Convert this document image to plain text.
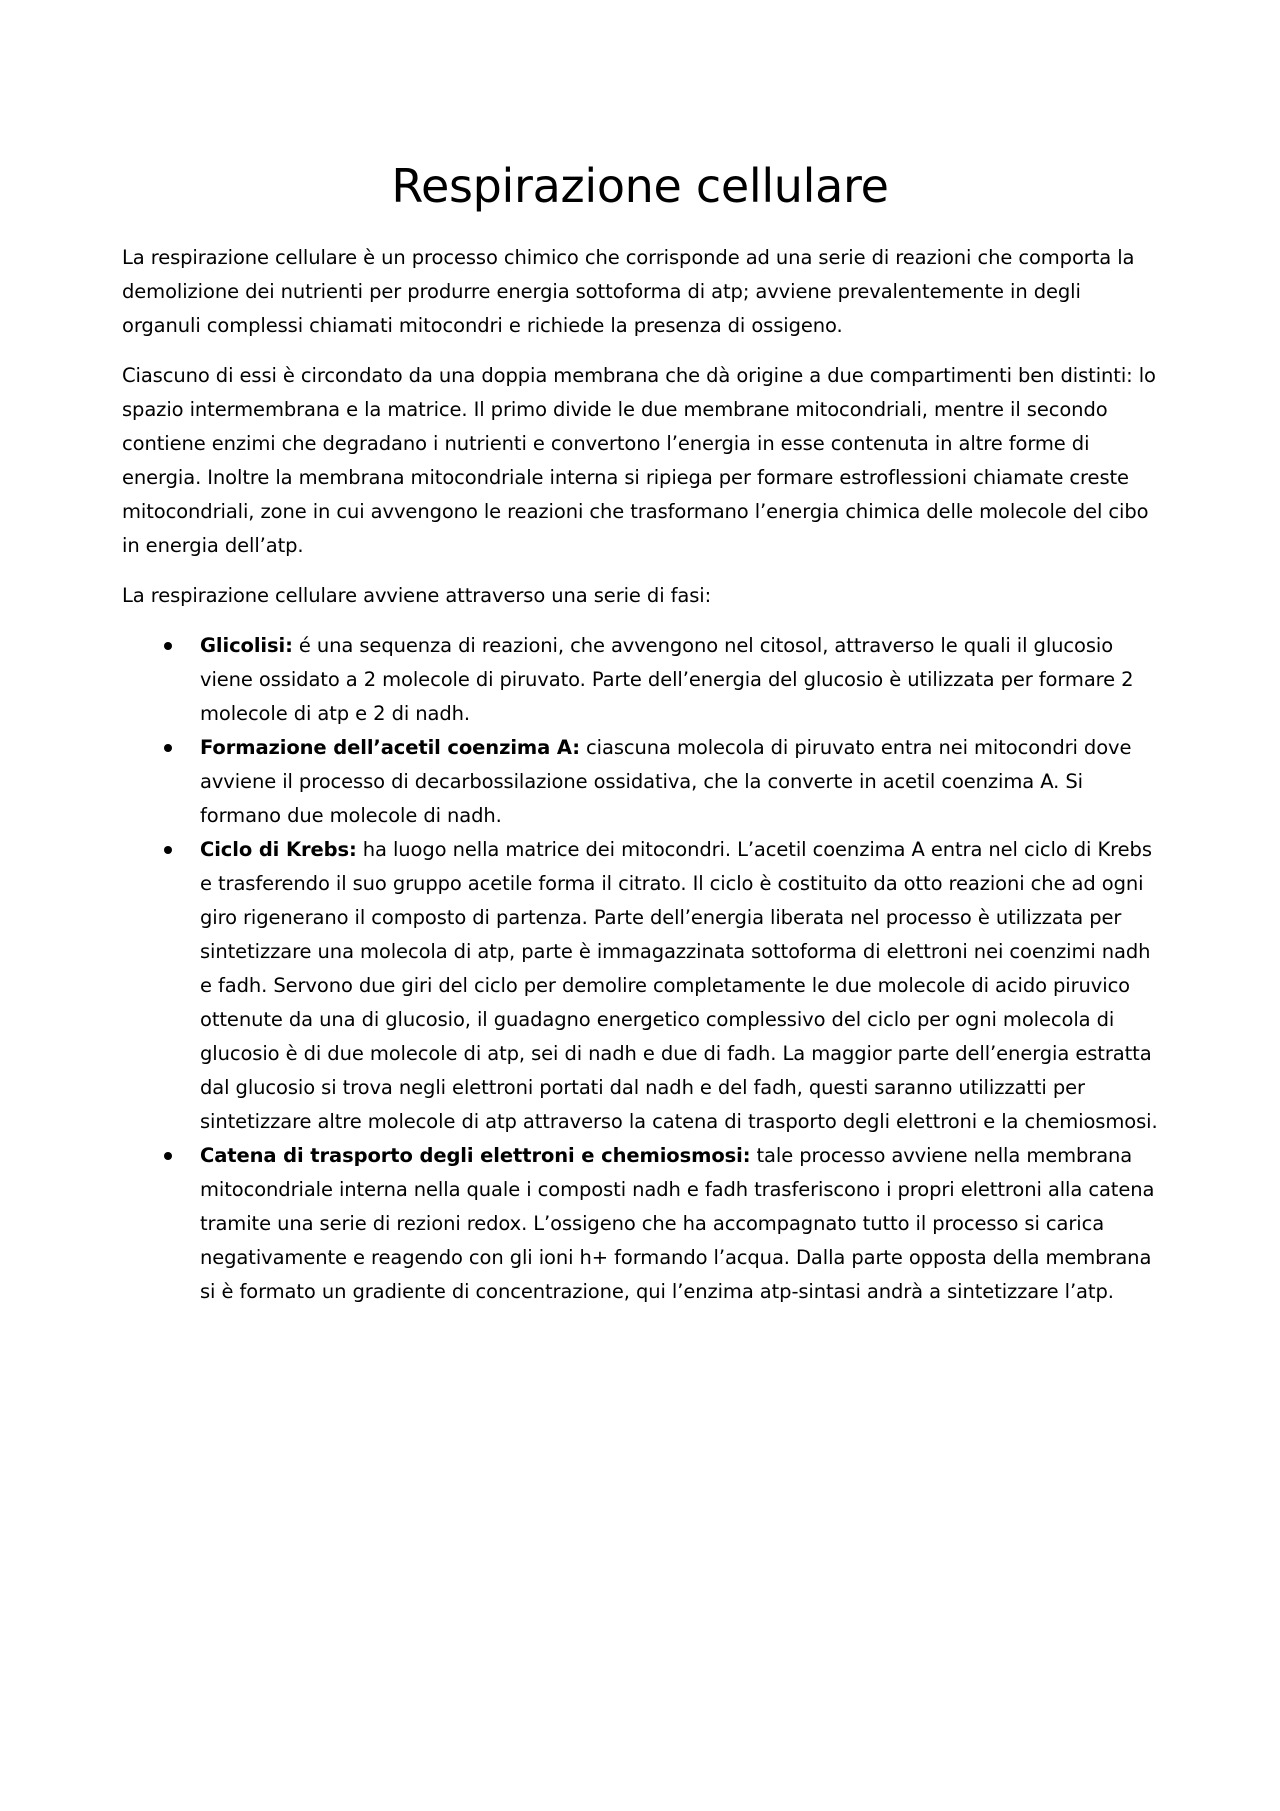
Respirazione cellulare

La respirazione cellulare è un processo chimico che corrisponde ad una serie di reazioni che comporta la demolizione dei nutrienti per produrre energia sottoforma di atp; avviene prevalentemente in degli organuli complessi chiamati mitocondri e richiede la presenza di ossigeno.

Ciascuno di essi è circondato da una doppia membrana che dà origine a due compartimenti ben distinti: lo spazio intermembrana e la matrice. Il primo divide le due membrane mitocondriali, mentre il secondo contiene enzimi che degradano i nutrienti e convertono l’energia in esse contenuta in altre forme di energia. Inoltre la membrana mitocondriale interna si ripiega per formare estroflessioni chiamate creste mitocondriali, zone in cui avvengono le reazioni che trasformano l’energia chimica delle molecole del cibo in energia dell’atp.

La respirazione cellulare avviene attraverso una serie di fasi:

Glicolisi: é una sequenza di reazioni, che avvengono nel citosol, attraverso le quali il glucosio viene ossidato a 2 molecole di piruvato. Parte dell’energia del glucosio è utilizzata per formare 2 molecole di atp e 2 di nadh.
Formazione dell’acetil coenzima A: ciascuna molecola di piruvato entra nei mitocondri dove avviene il processo di decarbossilazione ossidativa, che la converte in acetil coenzima A. Si formano due molecole di nadh.
Ciclo di Krebs: ha luogo nella matrice dei mitocondri. L’acetil coenzima A entra nel ciclo di Krebs e trasferendo il suo gruppo acetile forma il citrato. Il ciclo è costituito da otto reazioni che ad ogni giro rigenerano il composto di partenza. Parte dell’energia liberata nel processo è utilizzata per sintetizzare una molecola di atp, parte è immagazzinata sottoforma di elettroni nei coenzimi nadh e fadh. Servono due giri del ciclo per demolire completamente le due molecole di acido piruvico ottenute da una di glucosio, il guadagno energetico complessivo del ciclo per ogni molecola di glucosio è di due molecole di atp, sei di nadh e due di fadh. La maggior parte dell’energia estratta dal glucosio si trova negli elettroni portati dal nadh e del fadh, questi saranno utilizzatti per sintetizzare altre molecole di atp attraverso la catena di trasporto degli elettroni e la chemiosmosi.
Catena di trasporto degli elettroni e chemiosmosi: tale processo avviene nella membrana mitocondriale interna nella quale i composti nadh e fadh trasferiscono i propri elettroni alla catena tramite una serie di rezioni redox. L’ossigeno che ha accompagnato tutto il processo si carica negativamente e reagendo con gli ioni h+ formando l’acqua. Dalla parte opposta della membrana si è formato un gradiente di concentrazione, qui l’enzima atp-sintasi andrà a sintetizzare l’atp.
